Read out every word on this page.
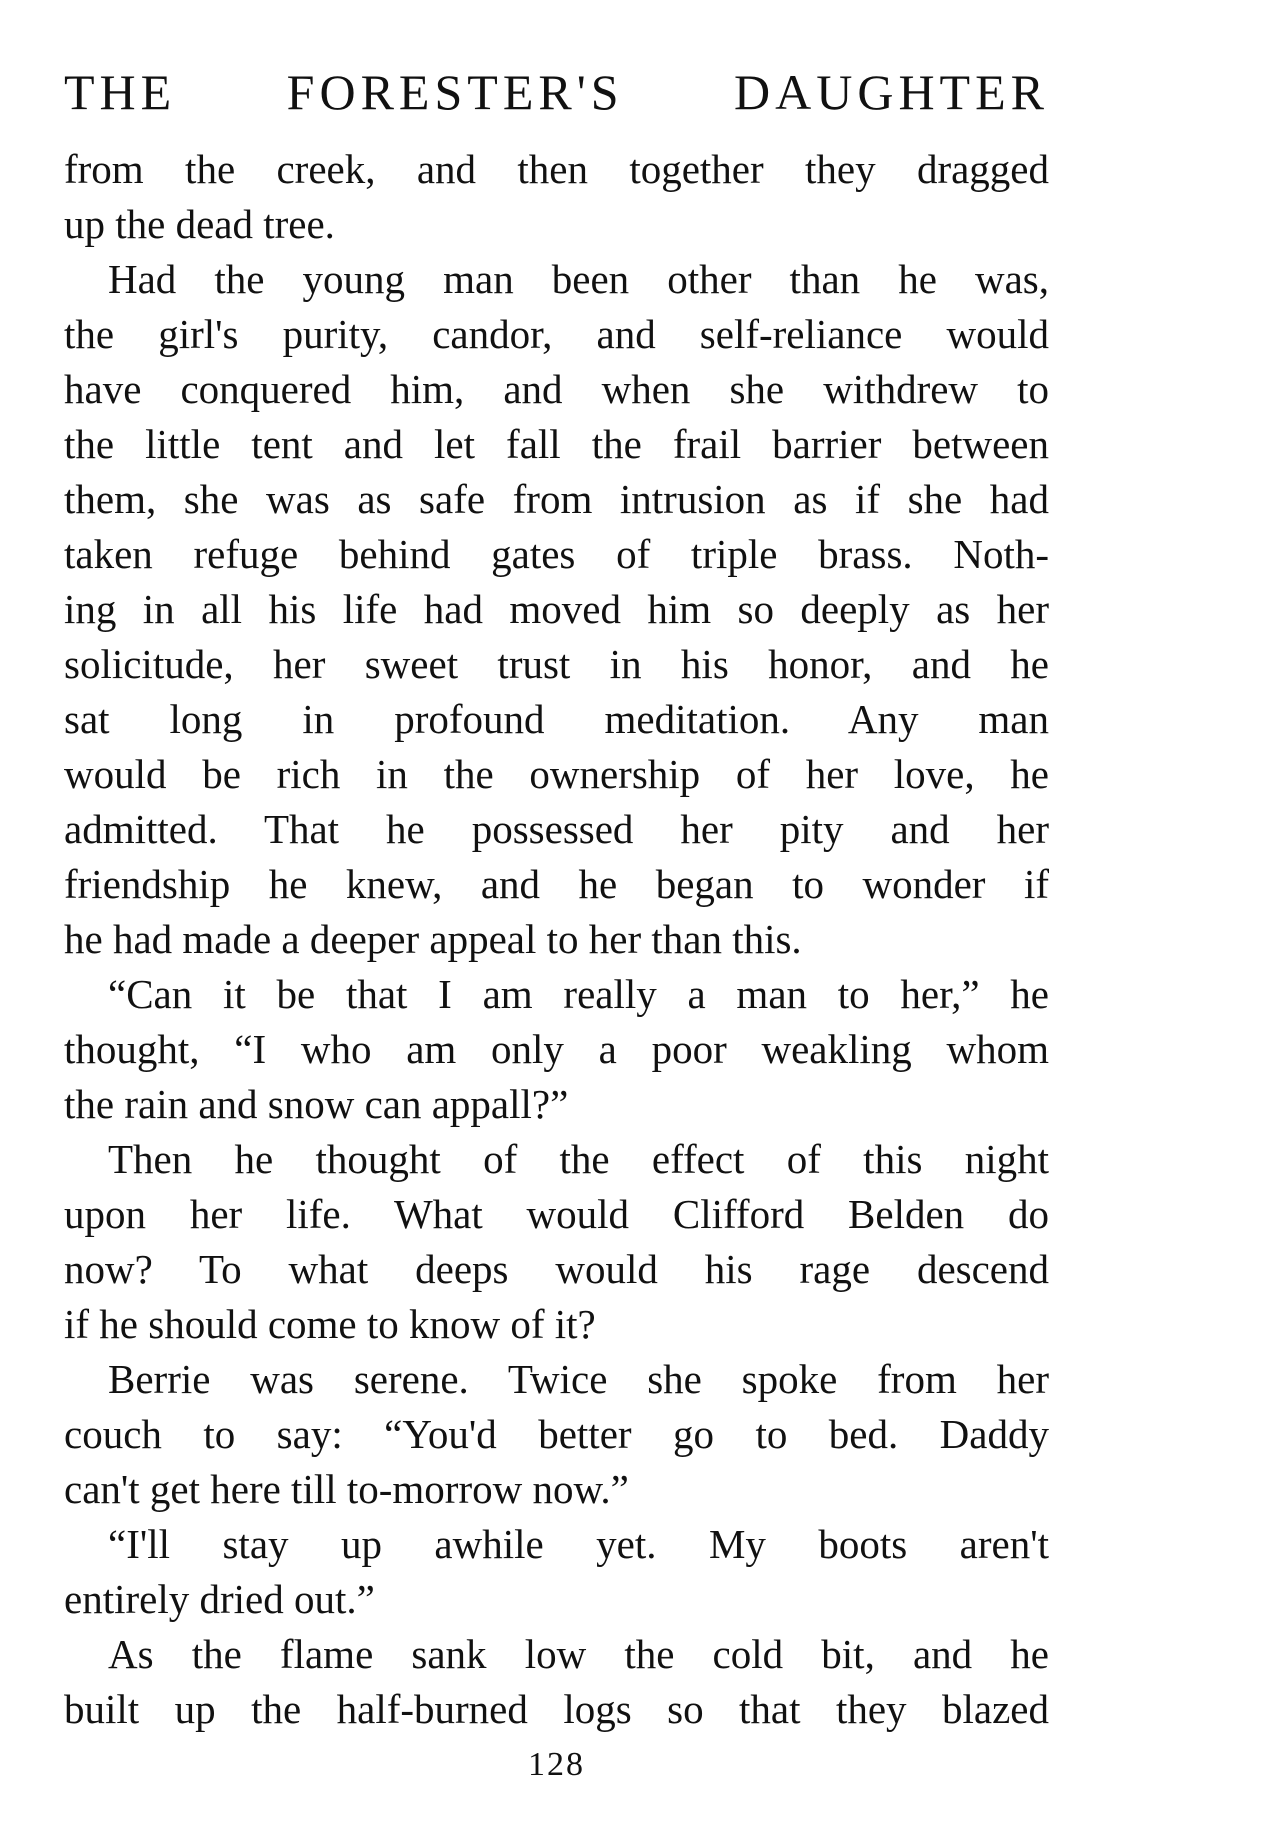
THE FORESTER'S DAUGHTER
from the creek, and then together they dragged
up the dead tree.
Had the young man been other than he was,
the girl's purity, candor, and self-reliance would
have conquered him, and when she withdrew to
the little tent and let fall the frail barrier between
them, she was as safe from intrusion as if she had
taken refuge behind gates of triple brass. Noth-
ing in all his life had moved him so deeply as her
solicitude, her sweet trust in his honor, and he
sat long in profound meditation. Any man
would be rich in the ownership of her love, he
admitted. That he possessed her pity and her
friendship he knew, and he began to wonder if
he had made a deeper appeal to her than this.
“Can it be that I am really a man to her,” he
thought, “I who am only a poor weakling whom
the rain and snow can appall?”
Then he thought of the effect of this night
upon her life. What would Clifford Belden do
now? To what deeps would his rage descend
if he should come to know of it?
Berrie was serene. Twice she spoke from her
couch to say: “You'd better go to bed. Daddy
can't get here till to-morrow now.”
“I'll stay up awhile yet. My boots aren't
entirely dried out.”
As the flame sank low the cold bit, and he
built up the half-burned logs so that they blazed
128
